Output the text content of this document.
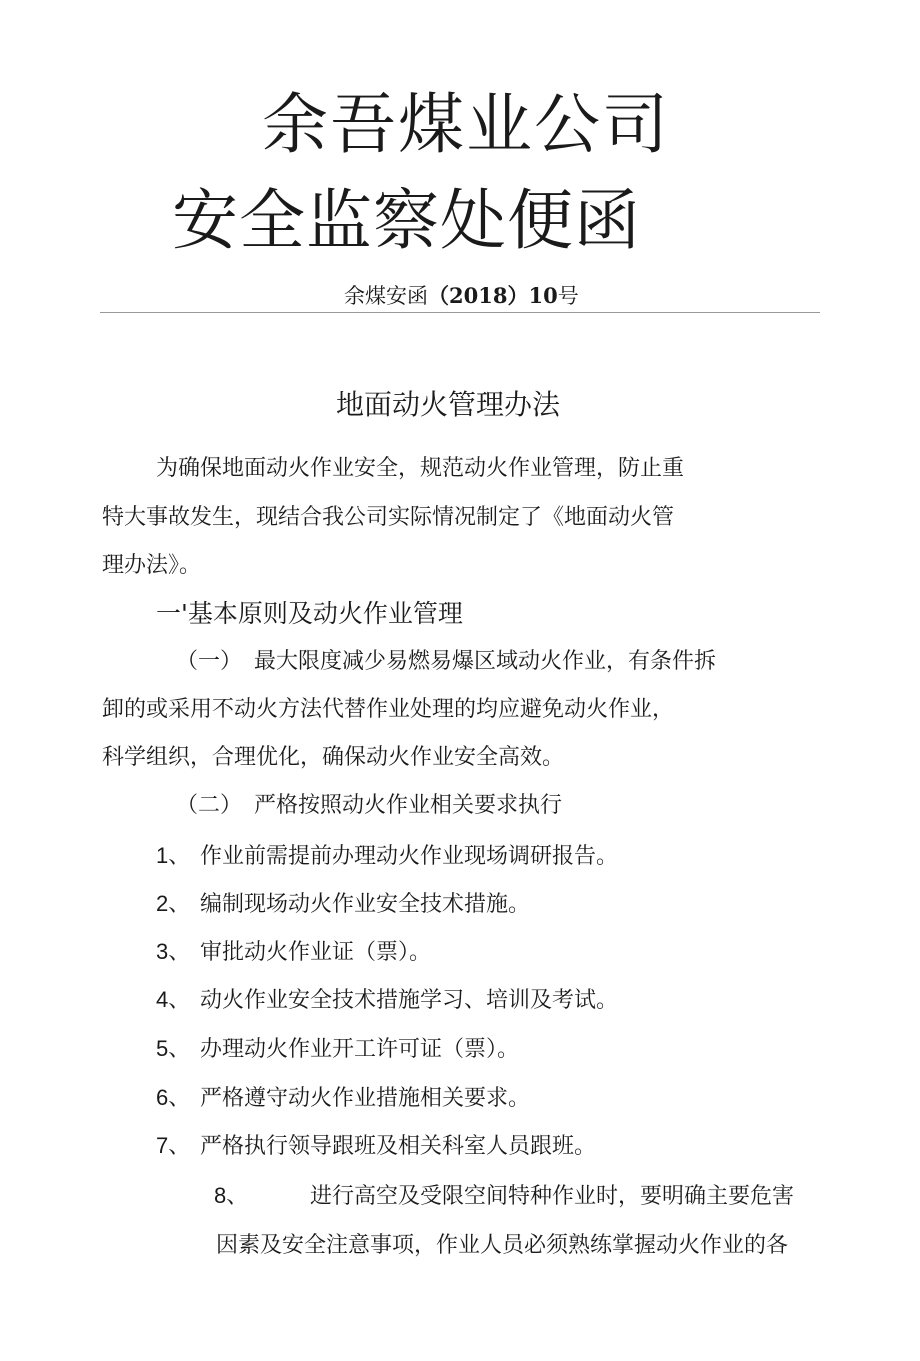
余吾煤业公司
安全监察处便函
余煤安函（2018）10号
地面动火管理办法
为确保地面动火作业安全，规范动火作业管理，防止重
特大事故发生，现结合我公司实际情况制定了《地面动火管
理办法》。
一'基本原则及动火作业管理
（一） 最大限度减少易燃易爆区域动火作业，有条件拆
卸的或采用不动火方法代替作业处理的均应避免动火作业，
科学组织，合理优化，确保动火作业安全高效。
（二） 严格按照动火作业相关要求执行
1、 作业前需提前办理动火作业现场调研报告。
2、 编制现场动火作业安全技术措施。
3、 审批动火作业证（票）。
4、 动火作业安全技术措施学习、培训及考试。
5、 办理动火作业开工许可证（票）。
6、 严格遵守动火作业措施相关要求。
7、 严格执行领导跟班及相关科室人员跟班。
8、	进行高空及受限空间特种作业时，要明确主要危害
因素及安全注意事项，作业人员必须熟练掌握动火作业的各
